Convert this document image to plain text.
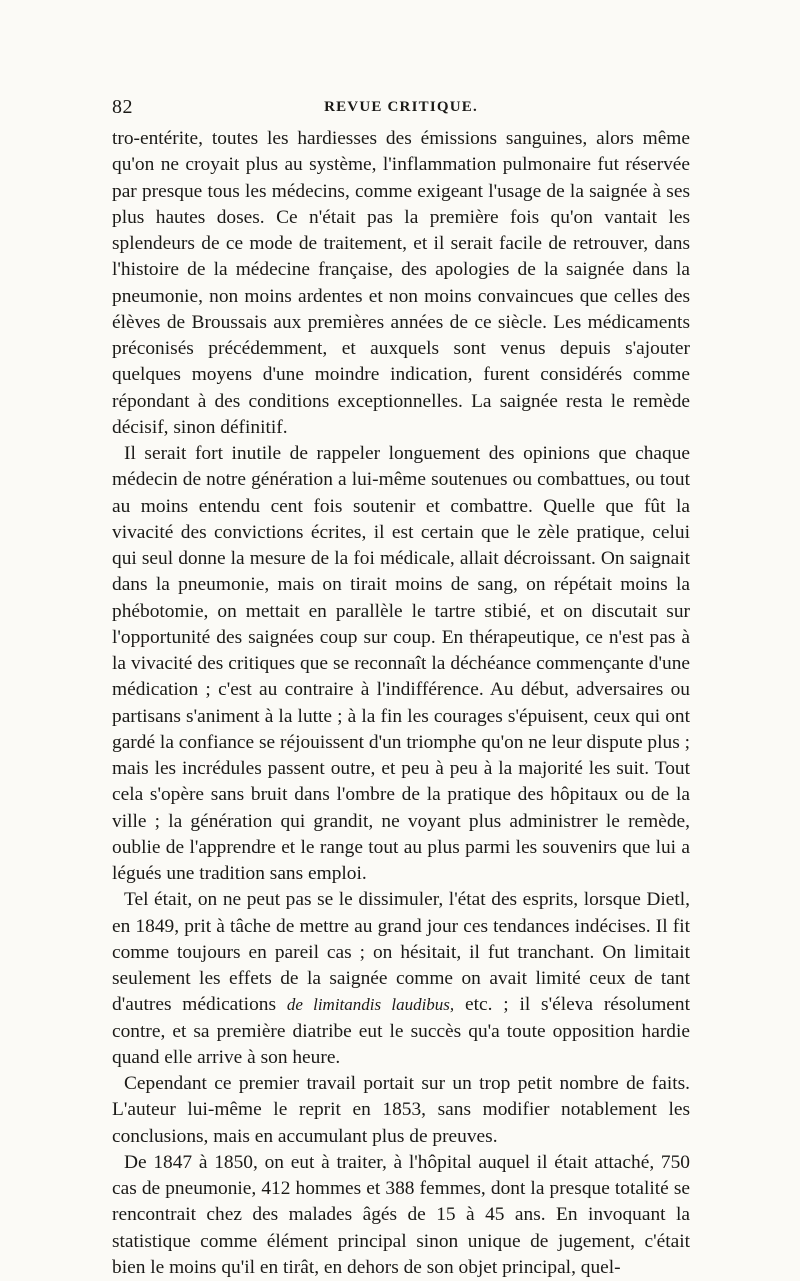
82	REVUE CRITIQUE.

tro-entérite, toutes les hardiesses des émissions sanguines, alors même qu'on ne croyait plus au système, l'inflammation pulmonaire fut réservée par presque tous les médecins, comme exigeant l'usage de la saignée à ses plus hautes doses. Ce n'était pas la première fois qu'on vantait les splendeurs de ce mode de traitement, et il serait facile de retrouver, dans l'histoire de la médecine française, des apologies de la saignée dans la pneumonie, non moins ardentes et non moins convaincues que celles des élèves de Broussais aux premières années de ce siècle. Les médicaments préconisés précédemment, et auxquels sont venus depuis s'ajouter quelques moyens d'une moindre indication, furent considérés comme répondant à des conditions exceptionnelles. La saignée resta le remède décisif, sinon définitif.

Il serait fort inutile de rappeler longuement des opinions que chaque médecin de notre génération a lui-même soutenues ou combattues, ou tout au moins entendu cent fois soutenir et combattre. Quelle que fût la vivacité des convictions écrites, il est certain que le zèle pratique, celui qui seul donne la mesure de la foi médicale, allait décroissant. On saignait dans la pneumonie, mais on tirait moins de sang, on répétait moins la phébotomie, on mettait en parallèle le tartre stibié, et on discutait sur l'opportunité des saignées coup sur coup. En thérapeutique, ce n'est pas à la vivacité des critiques que se reconnaît la déchéance commençante d'une médication ; c'est au contraire à l'indifférence. Au début, adversaires ou partisans s'animent à la lutte ; à la fin les courages s'épuisent, ceux qui ont gardé la confiance se réjouissent d'un triomphe qu'on ne leur dispute plus ; mais les incrédules passent outre, et peu à peu à la majorité les suit. Tout cela s'opère sans bruit dans l'ombre de la pratique des hôpitaux ou de la ville ; la génération qui grandit, ne voyant plus administrer le remède, oublie de l'apprendre et le range tout au plus parmi les souvenirs que lui a légués une tradition sans emploi.

Tel était, on ne peut pas se le dissimuler, l'état des esprits, lorsque Dietl, en 1849, prit à tâche de mettre au grand jour ces tendances indécises. Il fit comme toujours en pareil cas ; on hésitait, il fut tranchant. On limitait seulement les effets de la saignée comme on avait limité ceux de tant d'autres médications de limitandis laudibus, etc. ; il s'éleva résolument contre, et sa première diatribe eut le succès qu'a toute opposition hardie quand elle arrive à son heure.

Cependant ce premier travail portait sur un trop petit nombre de faits. L'auteur lui-même le reprit en 1853, sans modifier notablement les conclusions, mais en accumulant plus de preuves.

De 1847 à 1850, on eut à traiter, à l'hôpital auquel il était attaché, 750 cas de pneumonie, 412 hommes et 388 femmes, dont la presque totalité se rencontrait chez des malades âgés de 15 à 45 ans. En invoquant la statistique comme élément principal sinon unique de jugement, c'était bien le moins qu'il en tirât, en dehors de son objet principal, quel-
